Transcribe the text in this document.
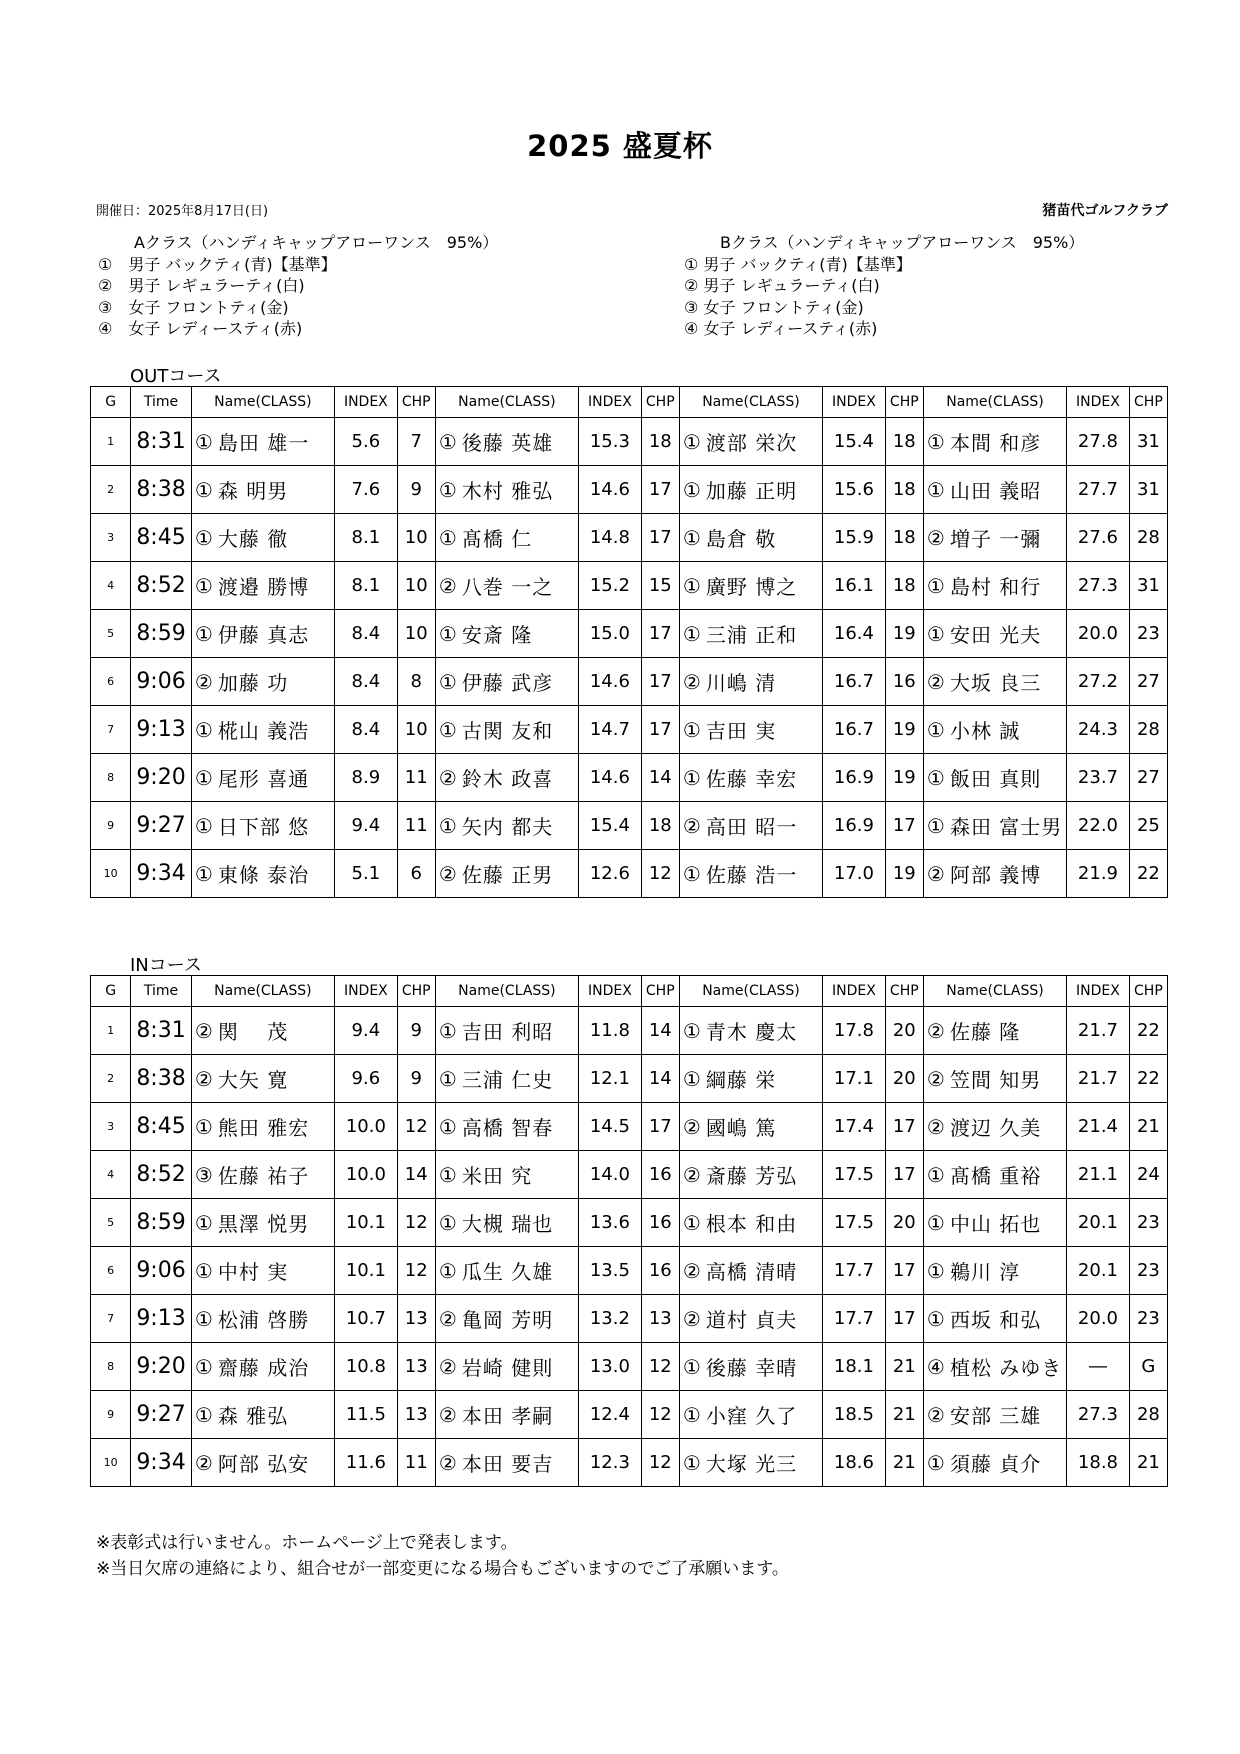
2025 盛夏杯
開催日：2025年8月17日(日)	猪苗代ゴルフクラブ
Aクラス（ハンディキャップアローワンス　95%）
①　男子 バックティ(青)【基準】
②　男子 レギュラーティ(白)
③　女子 フロントティ(金)
④　女子 レディースティ(赤)
Bクラス（ハンディキャップアローワンス　95%）
① 男子 バックティ(青)【基準】
② 男子 レギュラーティ(白)
③ 女子 フロントティ(金)
④ 女子 レディースティ(赤)
OUTコース
G	Time	Name(CLASS)		INDEX	CHP	Name(CLASS)		INDEX	CHP	Name(CLASS)		INDEX	CHP	Name(CLASS)		INDEX	CHP
1	8:31	①	島田 雄一	5.6	7	①	後藤 英雄	15.3	18	①	渡部 栄次	15.4	18	①	本間 和彦	27.8	31
2	8:38	①	森 明男	7.6	9	①	木村 雅弘	14.6	17	①	加藤 正明	15.6	18	①	山田 義昭	27.7	31
3	8:45	①	大藤 徹	8.1	10	①	髙橋 仁	14.8	17	①	島倉 敬	15.9	18	②	増子 一彌	27.6	28
4	8:52	①	渡邉 勝博	8.1	10	②	八巻 一之	15.2	15	①	廣野 博之	16.1	18	①	島村 和行	27.3	31
5	8:59	①	伊藤 真志	8.4	10	①	安斎 隆	15.0	17	①	三浦 正和	16.4	19	①	安田 光夫	20.0	23
6	9:06	②	加藤 功	8.4	8	①	伊藤 武彦	14.6	17	②	川嶋 清	16.7	16	②	大坂 良三	27.2	27
7	9:13	①	椛山 義浩	8.4	10	①	古関 友和	14.7	17	①	吉田 実	16.7	19	①	小林 誠	24.3	28
8	9:20	①	尾形 喜通	8.9	11	②	鈴木 政喜	14.6	14	①	佐藤 幸宏	16.9	19	①	飯田 真則	23.7	27
9	9:27	①	日下部 悠	9.4	11	①	矢内 都夫	15.4	18	②	高田 昭一	16.9	17	①	森田 富士男	22.0	25
10	9:34	①	東條 泰治	5.1	6	②	佐藤 正男	12.6	12	①	佐藤 浩一	17.0	19	②	阿部 義博	21.9	22
INコース
G	Time	Name(CLASS)		INDEX	CHP	Name(CLASS)		INDEX	CHP	Name(CLASS)		INDEX	CHP	Name(CLASS)		INDEX	CHP
1	8:31	②	関　 茂	9.4	9	①	吉田 利昭	11.8	14	①	青木 慶太	17.8	20	②	佐藤 隆	21.7	22
2	8:38	②	大矢 寛	9.6	9	①	三浦 仁史	12.1	14	①	綱藤 栄	17.1	20	②	笠間 知男	21.7	22
3	8:45	①	熊田 雅宏	10.0	12	①	高橋 智春	14.5	17	②	國嶋 篤	17.4	17	②	渡辺 久美	21.4	21
4	8:52	③	佐藤 祐子	10.0	14	①	米田 究	14.0	16	②	斎藤 芳弘	17.5	17	①	髙橋 重裕	21.1	24
5	8:59	①	黒澤 悦男	10.1	12	①	大槻 瑞也	13.6	16	①	根本 和由	17.5	20	①	中山 拓也	20.1	23
6	9:06	①	中村 実	10.1	12	①	瓜生 久雄	13.5	16	②	高橋 清晴	17.7	17	①	鵜川 淳	20.1	23
7	9:13	①	松浦 啓勝	10.7	13	②	亀岡 芳明	13.2	13	②	道村 貞夫	17.7	17	①	西坂 和弘	20.0	23
8	9:20	①	齋藤 成治	10.8	13	②	岩崎 健則	13.0	12	①	後藤 幸晴	18.1	21	④	植松 みゆき	―	G
9	9:27	①	森 雅弘	11.5	13	②	本田 孝嗣	12.4	12	①	小窪 久了	18.5	21	②	安部 三雄	27.3	28
10	9:34	②	阿部 弘安	11.6	11	②	本田 要吉	12.3	12	①	大塚 光三	18.6	21	①	須藤 貞介	18.8	21
※表彰式は行いません。ホームページ上で発表します。
※当日欠席の連絡により、組合せが一部変更になる場合もございますのでご了承願います。
